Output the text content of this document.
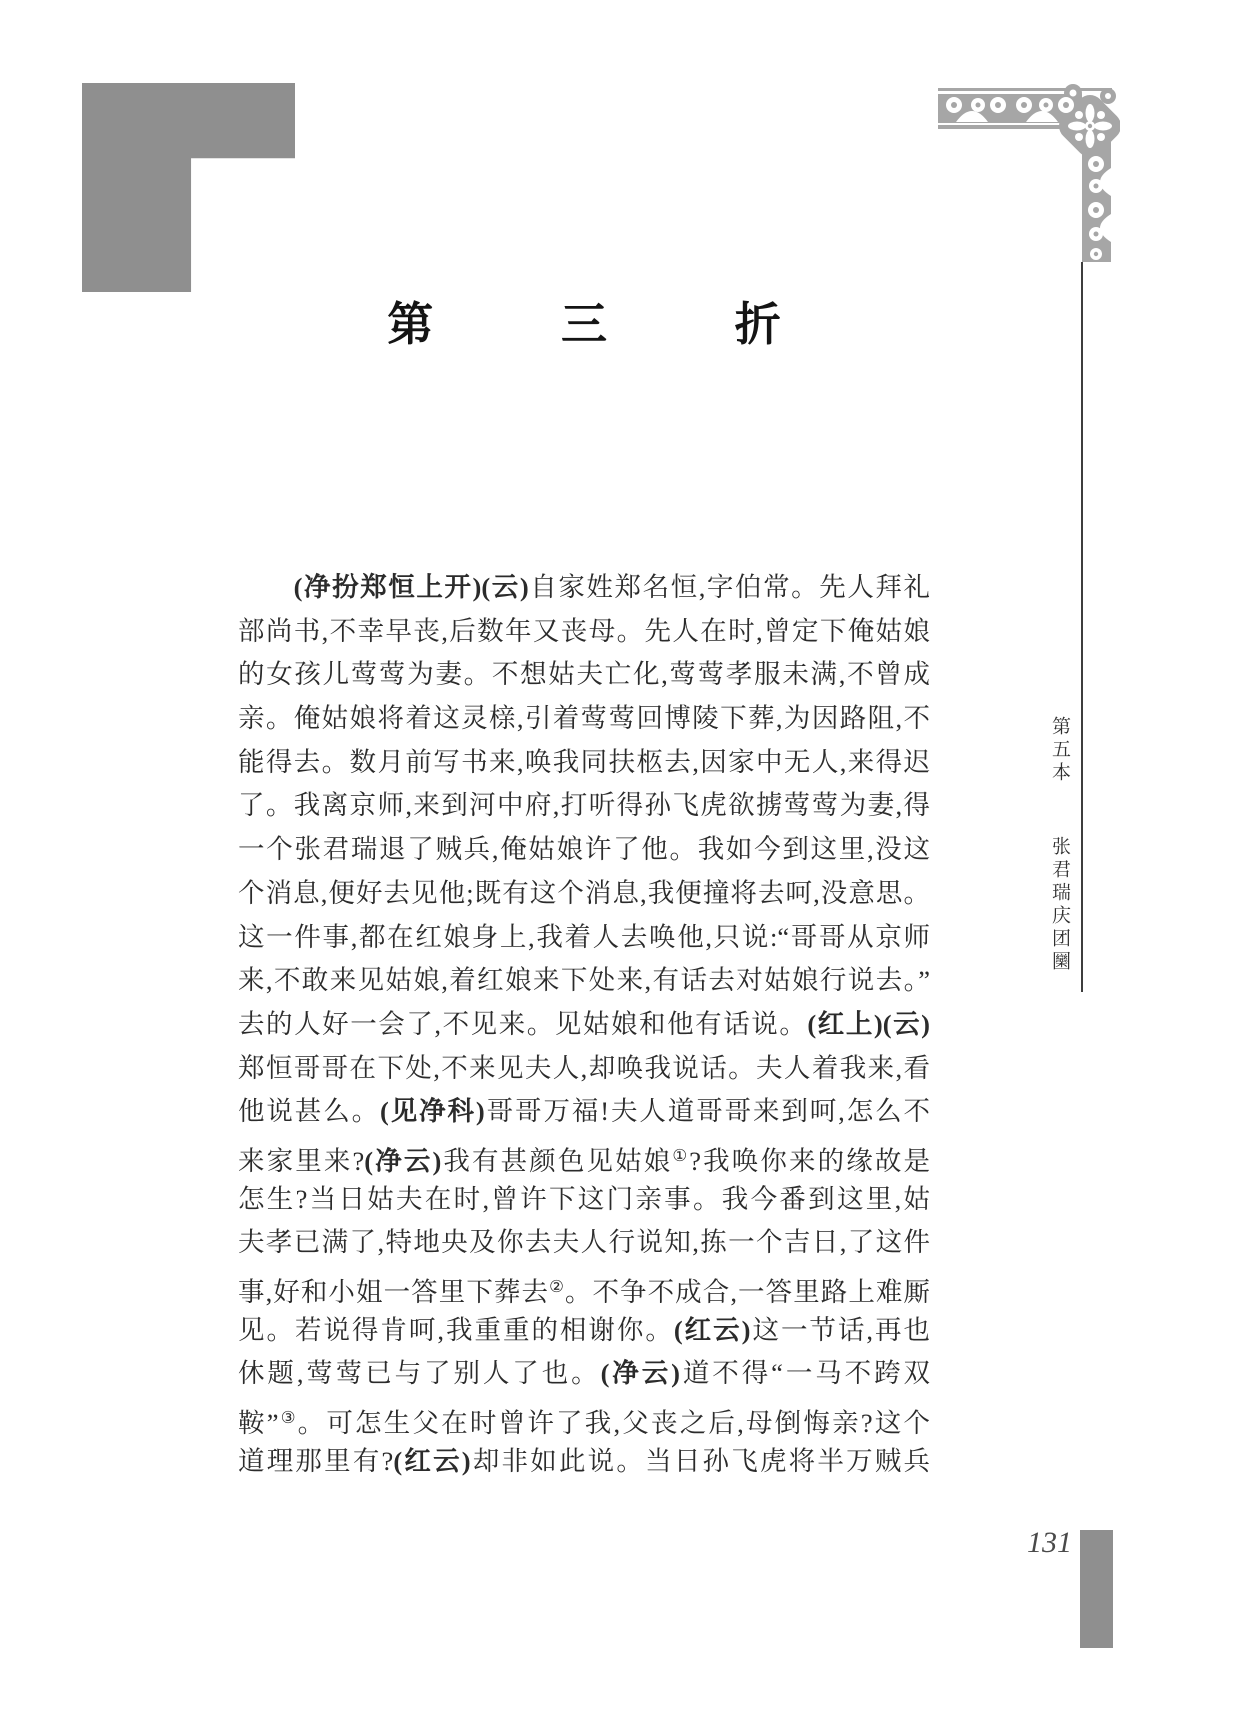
第 三 折
(净扮郑恒上开)(云)自家姓郑名恒,字伯常。先人拜礼
部尚书,不幸早丧,后数年又丧母。先人在时,曾定下俺姑娘
的女孩儿莺莺为妻。不想姑夫亡化,莺莺孝服未满,不曾成
亲。俺姑娘将着这灵榇,引着莺莺回博陵下葬,为因路阻,不
能得去。数月前写书来,唤我同扶柩去,因家中无人,来得迟
了。我离京师,来到河中府,打听得孙飞虎欲掳莺莺为妻,得
一个张君瑞退了贼兵,俺姑娘许了他。我如今到这里,没这
个消息,便好去见他;既有这个消息,我便撞将去呵,没意思。
这一件事,都在红娘身上,我着人去唤他,只说:“哥哥从京师
来,不敢来见姑娘,着红娘来下处来,有话去对姑娘行说去。”
去的人好一会了,不见来。见姑娘和他有话说。(红上)(云)
郑恒哥哥在下处,不来见夫人,却唤我说话。夫人着我来,看
他说甚么。(见净科)哥哥万福!夫人道哥哥来到呵,怎么不
来家里来?(净云)我有甚颜色见姑娘①?我唤你来的缘故是
怎生?当日姑夫在时,曾许下这门亲事。我今番到这里,姑
夫孝已满了,特地央及你去夫人行说知,拣一个吉日,了这件
事,好和小姐一答里下葬去②。不争不成合,一答里路上难厮
见。若说得肯呵,我重重的相谢你。(红云)这一节话,再也
休题,莺莺已与了别人了也。(净云)道不得“一马不跨双
鞍”③。可怎生父在时曾许了我,父丧之后,母倒悔亲?这个
道理那里有?(红云)却非如此说。当日孙飞虎将半万贼兵
第五本 张君瑞庆团圞
131
